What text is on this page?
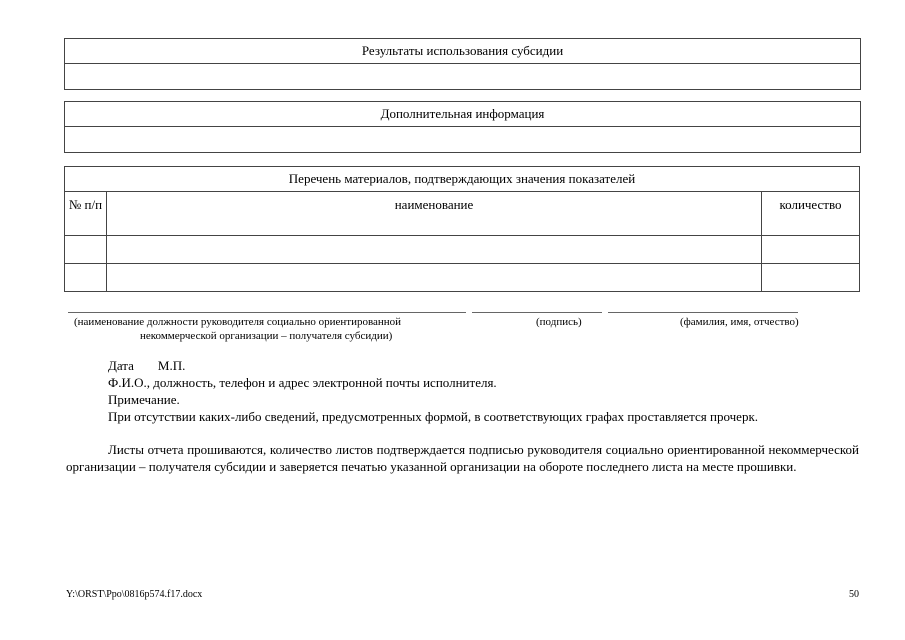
Результаты использования субсидии
Дополнительная информация
Перечень материалов, подтверждающих значения показателей		
№ п/п	наименование	количество

(наименование должности руководителя социально ориентированной
некоммерческой организации – получателя субсидии)
(подпись)	(фамилия, имя, отчество)
Дата М.П.
Ф.И.О., должность, телефон и адрес электронной почты исполнителя.
Примечание.

При отсутствии каких-либо сведений, предусмотренных формой, в соответствующих графах проставляется прочерк.

Листы отчета прошиваются, количество листов подтверждается подписью руководителя социально ориентированной некоммерческой организации – получателя субсидии и заверяется печатью указанной организации на обороте последнего листа на месте прошивки.

Y:\ORST\Ppo\0816p574.f17.docx	50
